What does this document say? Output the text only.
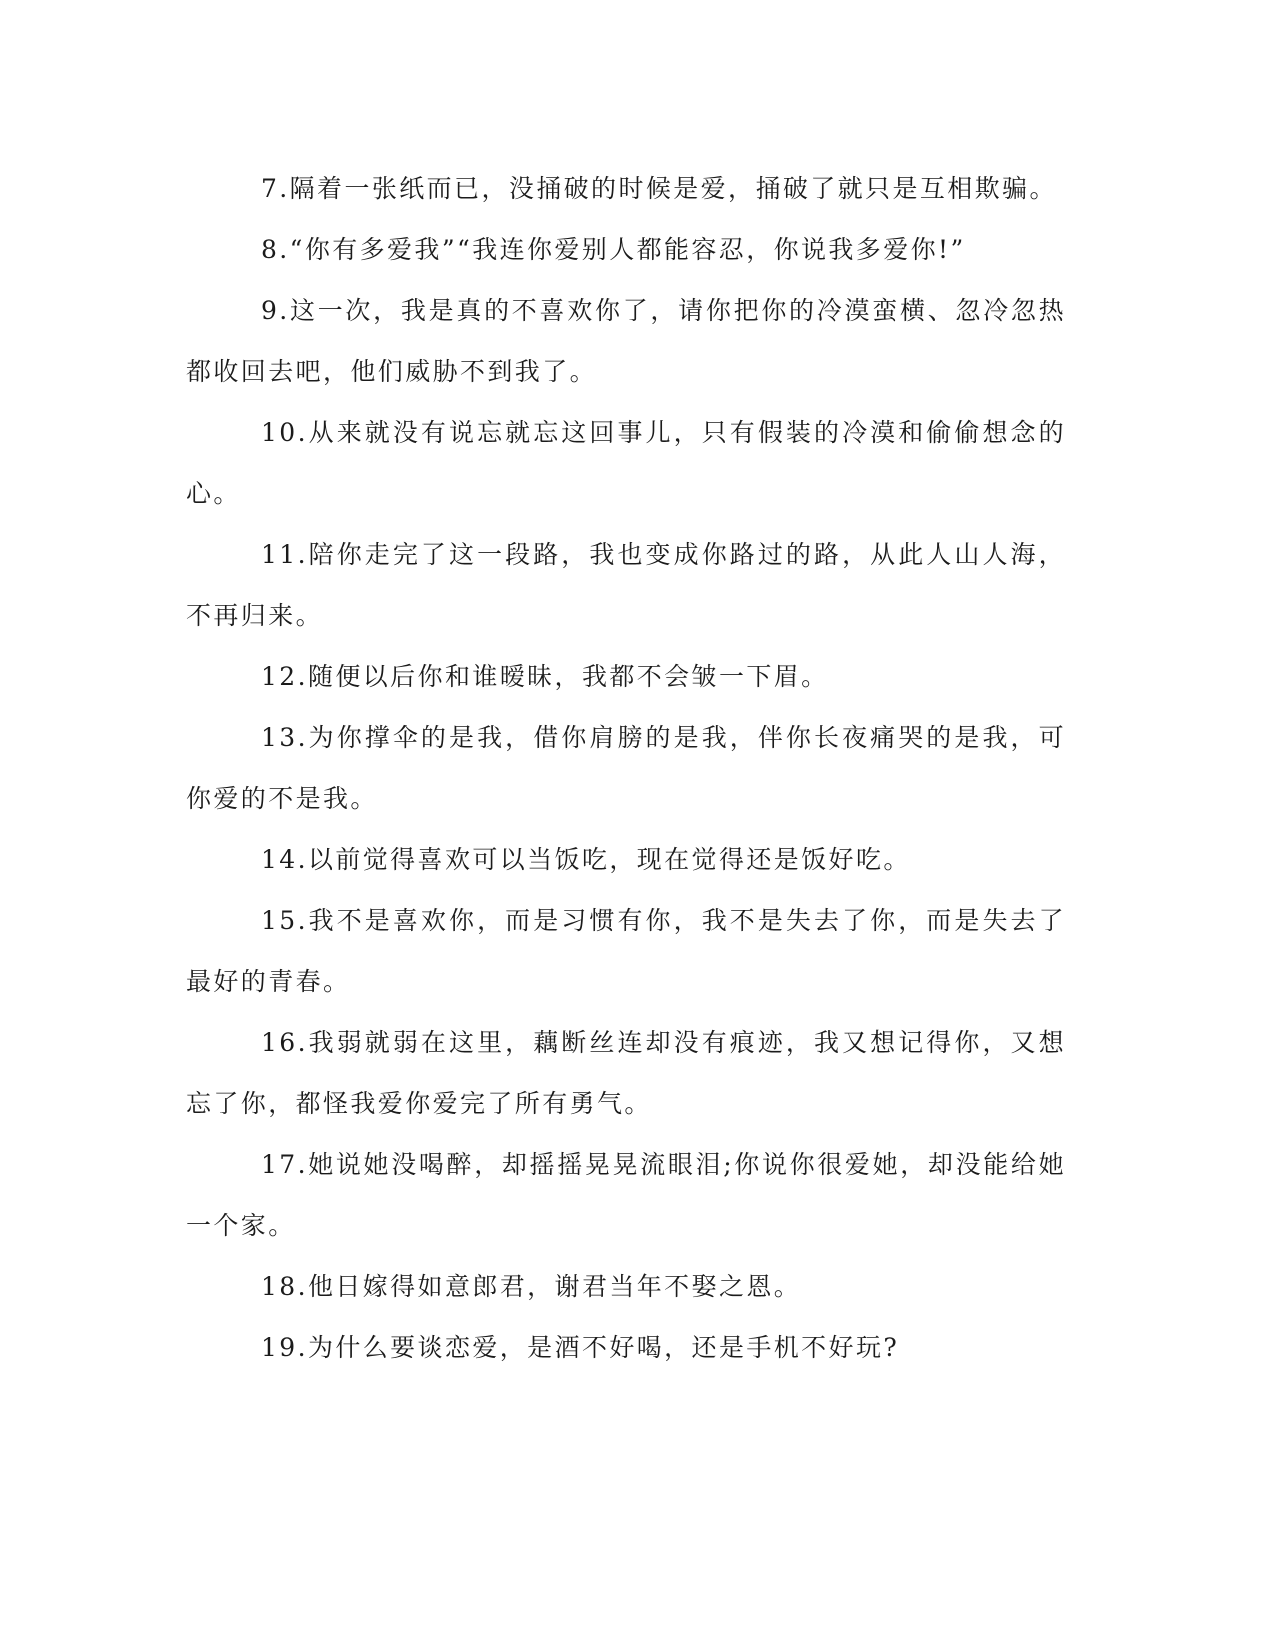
7.隔着一张纸而已，没捅破的时候是爱，捅破了就只是互相欺骗。

8.“你有多爱我”“我连你爱别人都能容忍，你说我多爱你!”

9.这一次，我是真的不喜欢你了，请你把你的冷漠蛮横、忽冷忽热都收回去吧，他们威胁不到我了。

10.从来就没有说忘就忘这回事儿，只有假装的冷漠和偷偷想念的心。

11.陪你走完了这一段路，我也变成你路过的路，从此人山人海，不再归来。

12.随便以后你和谁暧昧，我都不会皱一下眉。

13.为你撑伞的是我，借你肩膀的是我，伴你长夜痛哭的是我，可你爱的不是我。

14.以前觉得喜欢可以当饭吃，现在觉得还是饭好吃。

15.我不是喜欢你，而是习惯有你，我不是失去了你，而是失去了最好的青春。

16.我弱就弱在这里，藕断丝连却没有痕迹，我又想记得你，又想忘了你，都怪我爱你爱完了所有勇气。

17.她说她没喝醉，却摇摇晃晃流眼泪;你说你很爱她，却没能给她一个家。

18.他日嫁得如意郎君，谢君当年不娶之恩。

19.为什么要谈恋爱，是酒不好喝，还是手机不好玩?
